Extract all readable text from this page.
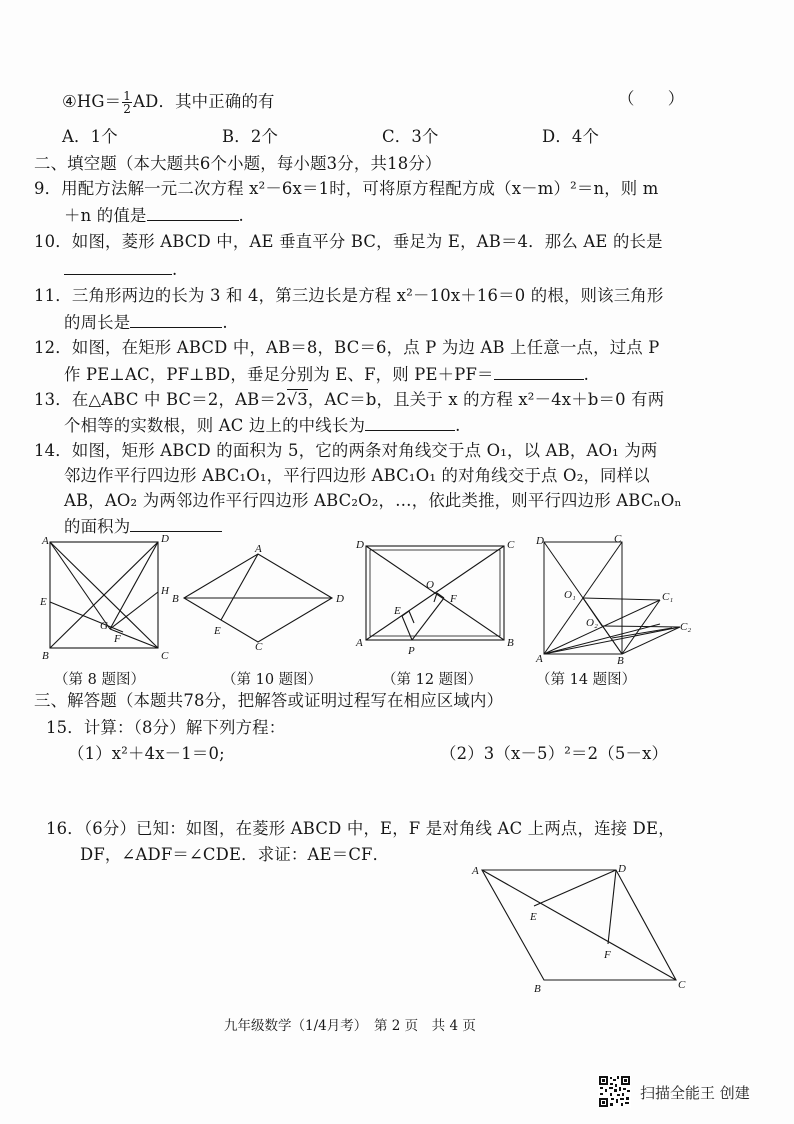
④HG＝ $\frac{1}{2}$ AD．其中正确的有	（　　）
A．1个	B．2个	C．3个	D．4个
二、填空题（本大题共6个小题，每小题3分，共18分）
9．用配方法解一元二次方程 x²－6x＝1时，可将原方程配方成（x－m）²＝n，则 m
＋n 的值是	.
10．如图，菱形 ABCD 中，AE 垂直平分 BC，垂足为 E，AB＝4．那么 AE 的长是
.
11．三角形两边的长为 3 和 4，第三边长是方程 x²－10x＋16＝0 的根，则该三角形
的周长是	.
12．如图，在矩形 ABCD 中，AB＝8，BC＝6，点 P 为边 AB 上任意一点，过点 P
作 PE⊥AC，PF⊥BD，垂足分别为 E、F，则 PE＋PF＝	.
13．在△ABC 中 BC＝2，AB＝2√3，AC＝b，且关于 x 的方程 x²－4x＋b＝0 有两
个相等的实数根，则 AC 边上的中线长为	.
14．如图，矩形 ABCD 的面积为 5，它的两条对角线交于点 O₁，以 AB，AO₁ 为两
邻边作平行四边形 ABC₁O₁，平行四边形 ABC₁O₁ 的对角线交于点 O₂，同样以
AB，AO₂ 为两邻边作平行四边形 ABC₂O₂，…，依此类推，则平行四边形 ABCₙOₙ
的面积为
A	D
E
H
G
F
B	C
A
B	D
E
C
D	C
O
E
F
A
P
B
D	C
O₁	C₁
O₂	C₂
A	B
（第 8 题图）	（第 10 题图）	（第 12 题图）	（第 14 题图）
三、解答题（本题共78分，把解答或证明过程写在相应区域内）
15．计算：（8分）解下列方程：
（1）x²＋4x－1＝0;	（2）3（x－5）²＝2（5－x）
16．（6分）已知：如图，在菱形 ABCD 中，E，F 是对角线 AC 上两点，连接 DE，
DF，∠ADF＝∠CDE．求证：AE＝CF．
A	D
E
F
B	C
九年级数学（1/4月考）　第 2 页　共 4 页
扫描全能王 创建
